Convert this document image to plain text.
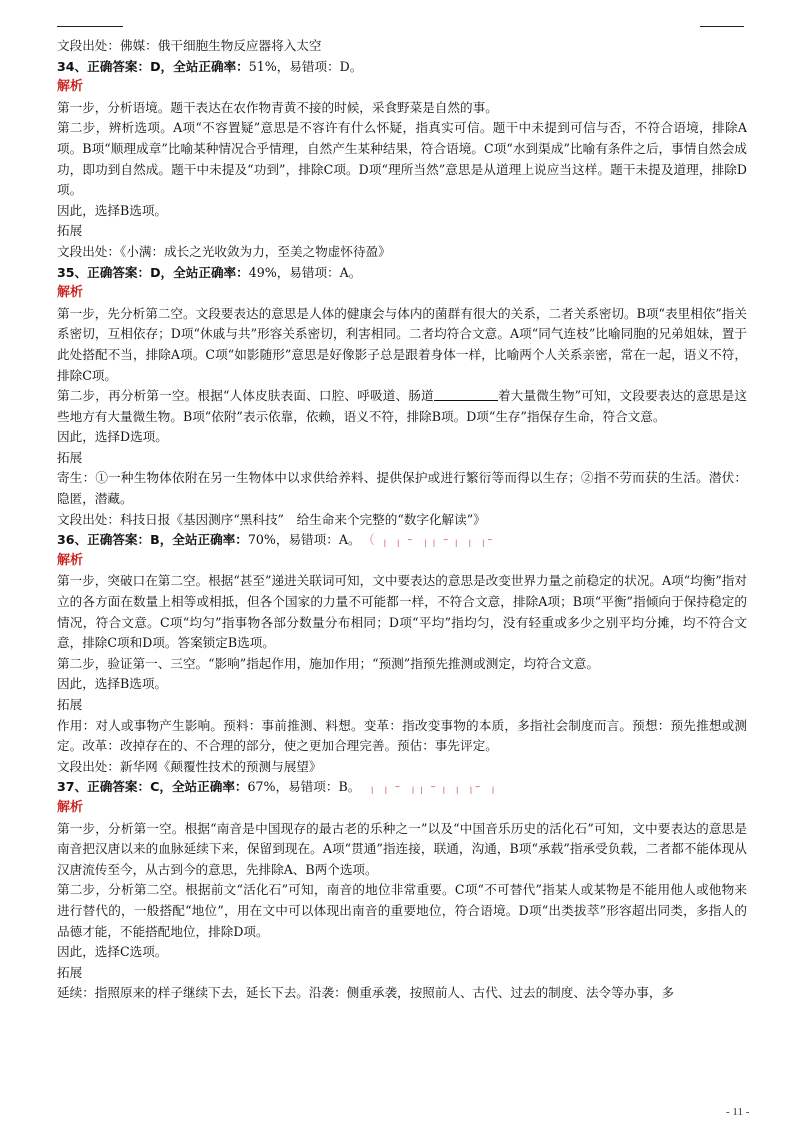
文段出处：佛媒：俄干细胞生物反应器将入太空

34、正确答案：D，全站正确率：51%，易错项：D。

解析

第一步，分析语境。题干表达在农作物青黄不接的时候，采食野菜是自然的事。

第二步，辨析选项。A项“不容置疑”意思是不容许有什么怀疑，指真实可信。题干中未提到可信与否，不符合语境，排除A项。B项“顺理成章”比喻某种情况合乎情理，自然产生某种结果，符合语境。C项“水到渠成”比喻有条件之后，事情自然会成功，即功到自然成。题干中未提及“功到”，排除C项。D项“理所当然”意思是从道理上说应当这样。题干未提及道理，排除D项。

因此，选择B选项。

拓展

文段出处：《小满：成长之光收敛为力，至美之物虚怀待盈》

35、正确答案：D，全站正确率：49%，易错项：A。

解析

第一步，先分析第二空。文段要表达的意思是人体的健康会与体内的菌群有很大的关系，二者关系密切。B项“表里相依”指关系密切，互相依存；D项“休戚与共”形容关系密切，利害相同。二者均符合文意。A项“同气连枝”比喻同胞的兄弟姐妹，置于此处搭配不当，排除A项。C项“如影随形”意思是好像影子总是跟着身体一样，比喻两个人关系亲密，常在一起，语义不符，排除C项。

第二步，再分析第一空。根据“人体皮肤表面、口腔、呼吸道、肠道	着大量微生物”可知，文段要表达的意思是这些地方有大量微生物。B项“依附”表示依靠，依赖，语义不符，排除B项。D项“生存”指保存生命，符合文意。

因此，选择D选项。

拓展

寄生：①一种生物体依附在另一生物体中以求供给养料、提供保护或进行繁衍等而得以生存；②指不劳而获的生活。潜伏：隐匿，潜藏。

文段出处：科技日报《基因测序“黑科技”　给生命来个完整的“数字化解读”》

36、正确答案：B，全站正确率：70%，易错项：A。 （ ╷ ╷ ╴ ╷╷ ╴╷ ╷ ╷╴

解析

第一步，突破口在第二空。根据“甚至”递进关联词可知，文中要表达的意思是改变世界力量之前稳定的状况。A项“均衡”指对立的各方面在数量上相等或相抵，但各个国家的力量不可能都一样，不符合文意，排除A项；B项“平衡”指倾向于保持稳定的情况，符合文意。C项“均匀”指事物各部分数量分布相同；D项“平均”指均匀，没有轻重或多少之别平均分摊，均不符合文意，排除C项和D项。答案锁定B选项。

第二步，验证第一、三空。“影响”指起作用，施加作用；“预测”指预先推测或测定，均符合文意。

因此，选择B选项。

拓展

作用：对人或事物产生影响。预料：事前推测、料想。变革：指改变事物的本质，多指社会制度而言。预想：预先推想或测定。改革：改掉存在的、不合理的部分，使之更加合理完善。预估：事先评定。

文段出处：新华网《颠覆性技术的预测与展望》

37、正确答案：C，全站正确率：67%，易错项：B。 ╷ ╷ ╴ ╷╷ ╴╷ ╷ ╷╴ ╷

解析

第一步，分析第一空。根据“南音是中国现存的最古老的乐种之一”以及“中国音乐历史的活化石”可知，文中要表达的意思是南音把汉唐以来的血脉延续下来，保留到现在。A项“贯通”指连接，联通，沟通，B项“承载”指承受负载，二者都不能体现从汉唐流传至今，从古到今的意思，先排除A、B两个选项。

第二步，分析第二空。根据前文“活化石”可知，南音的地位非常重要。C项“不可替代”指某人或某物是不能用他人或他物来进行替代的，一般搭配“地位”，用在文中可以体现出南音的重要地位，符合语境。D项“出类拔萃”形容超出同类，多指人的品德才能，不能搭配地位，排除D项。

因此，选择C选项。

拓展

延续：指照原来的样子继续下去，延长下去。沿袭：侧重承袭，按照前人、古代、过去的制度、法令等办事，多

- 11 -
